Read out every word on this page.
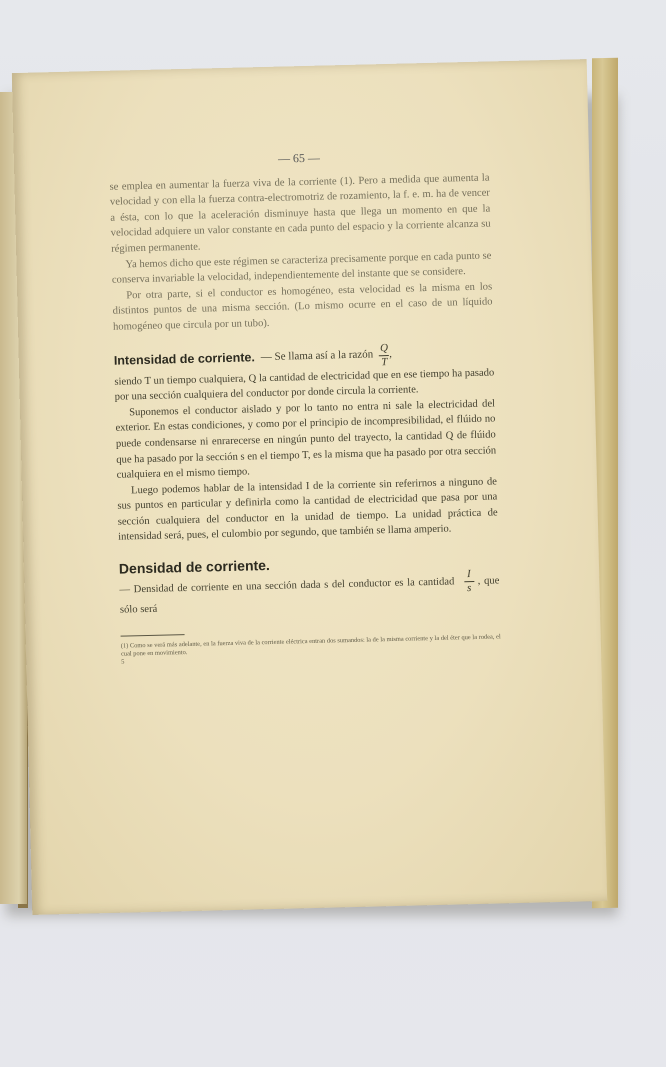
— 65 —

se emplea en aumentar la fuerza viva de la corriente (1). Pero a medida que aumenta la velocidad y con ella la fuerza contra-electromotriz de rozamiento, la f. e. m. ha de vencer a ésta, con lo que la aceleración disminuye hasta que llega un momento en que la velocidad adquiere un valor constante en cada punto del espacio y la corriente alcanza su régimen permanente.

Ya hemos dicho que este régimen se caracteriza precisamente porque en cada punto se conserva invariable la velocidad, independientemente del instante que se considere.

Por otra parte, si el conductor es homogéneo, esta velocidad es la misma en los distintos puntos de una misma sección. (Lo mismo ocurre en el caso de un líquido homogéneo que circula por un tubo).

Intensidad de corriente. — Se llama así a la razón $\frac{Q}{T}$ ,

siendo T un tiempo cualquiera, Q la cantidad de electricidad que en ese tiempo ha pasado por una sección cualquiera del conductor por donde circula la corriente.

Suponemos el conductor aislado y por lo tanto no entra ni sale la electricidad del exterior. En estas condiciones, y como por el principio de incompresibilidad, el flúido no puede condensarse ni enrarecerse en ningún punto del trayecto, la cantidad Q de flúido que ha pasado por la sección s en el tiempo T, es la misma que ha pasado por otra sección cualquiera en el mismo tiempo.

Luego podemos hablar de la intensidad I de la corriente sin referirnos a ninguno de sus puntos en particular y definirla como la cantidad de electricidad que pasa por una sección cualquiera del conductor en la unidad de tiempo. La unidad práctica de intensidad será, pues, el culombio por segundo, que también se llama amperio.

Densidad de corriente.

— Densidad de corriente en una sección dada s del conductor es la cantidad $\frac{I}{s}$ , que sólo será

(1) Como se verá más adelante, en la fuerza viva de la corriente eléctrica entran dos sumandos: la de la misma corriente y la del éter que la rodea, el cual pone en movimiento.

5
